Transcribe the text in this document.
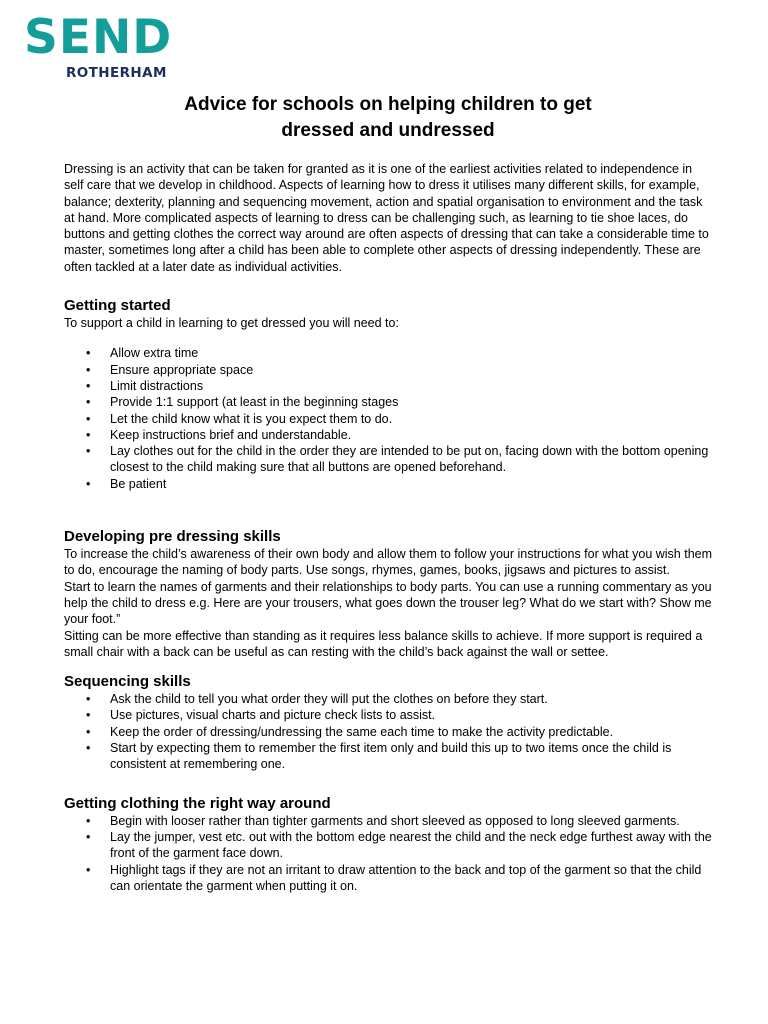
SEND
ROTHERHAM
Advice for schools on helping children to get
dressed and undressed

Dressing is an activity that can be taken for granted as it is one of the earliest activities related to independence in self care that we develop in childhood. Aspects of learning how to dress it utilises many different skills, for example, balance; dexterity, planning and sequencing movement, action and spatial organisation to environment and the task at hand. More complicated aspects of learning to dress can be challenging such, as learning to tie shoe laces, do buttons and getting clothes the correct way around are often aspects of dressing that can take a considerable time to master, sometimes long after a child has been able to complete other aspects of dressing independently. These are often tackled at a later date as individual activities.

Getting started

To support a child in learning to get dressed you will need to:

• Allow extra time
• Ensure appropriate space
• Limit distractions
• Provide 1:1 support (at least in the beginning stages
• Let the child know what it is you expect them to do.
• Keep instructions brief and understandable.
• Lay clothes out for the child in the order they are intended to be put on, facing down with the bottom opening closest to the child making sure that all buttons are opened beforehand.
• Be patient
Developing pre dressing skills

To increase the child’s awareness of their own body and allow them to follow your instructions for what you wish them to do, encourage the naming of body parts. Use songs, rhymes, games, books, jigsaws and pictures to assist.

Start to learn the names of garments and their relationships to body parts. You can use a running commentary as you help the child to dress e.g. Here are your trousers, what goes down the trouser leg? What do we start with? Show me your foot.”

Sitting can be more effective than standing as it requires less balance skills to achieve. If more support is required a small chair with a back can be useful as can resting with the child’s back against the wall or settee.

Sequencing skills
• Ask the child to tell you what order they will put the clothes on before they start.
• Use pictures, visual charts and picture check lists to assist.
• Keep the order of dressing/undressing the same each time to make the activity predictable.
• Start by expecting them to remember the first item only and build this up to two items once the child is consistent at remembering one.
Getting clothing the right way around
• Begin with looser rather than tighter garments and short sleeved as opposed to long sleeved garments.
• Lay the jumper, vest etc. out with the bottom edge nearest the child and the neck edge furthest away with the front of the garment face down.
• Highlight tags if they are not an irritant to draw attention to the back and top of the garment so that the child can orientate the garment when putting it on.
